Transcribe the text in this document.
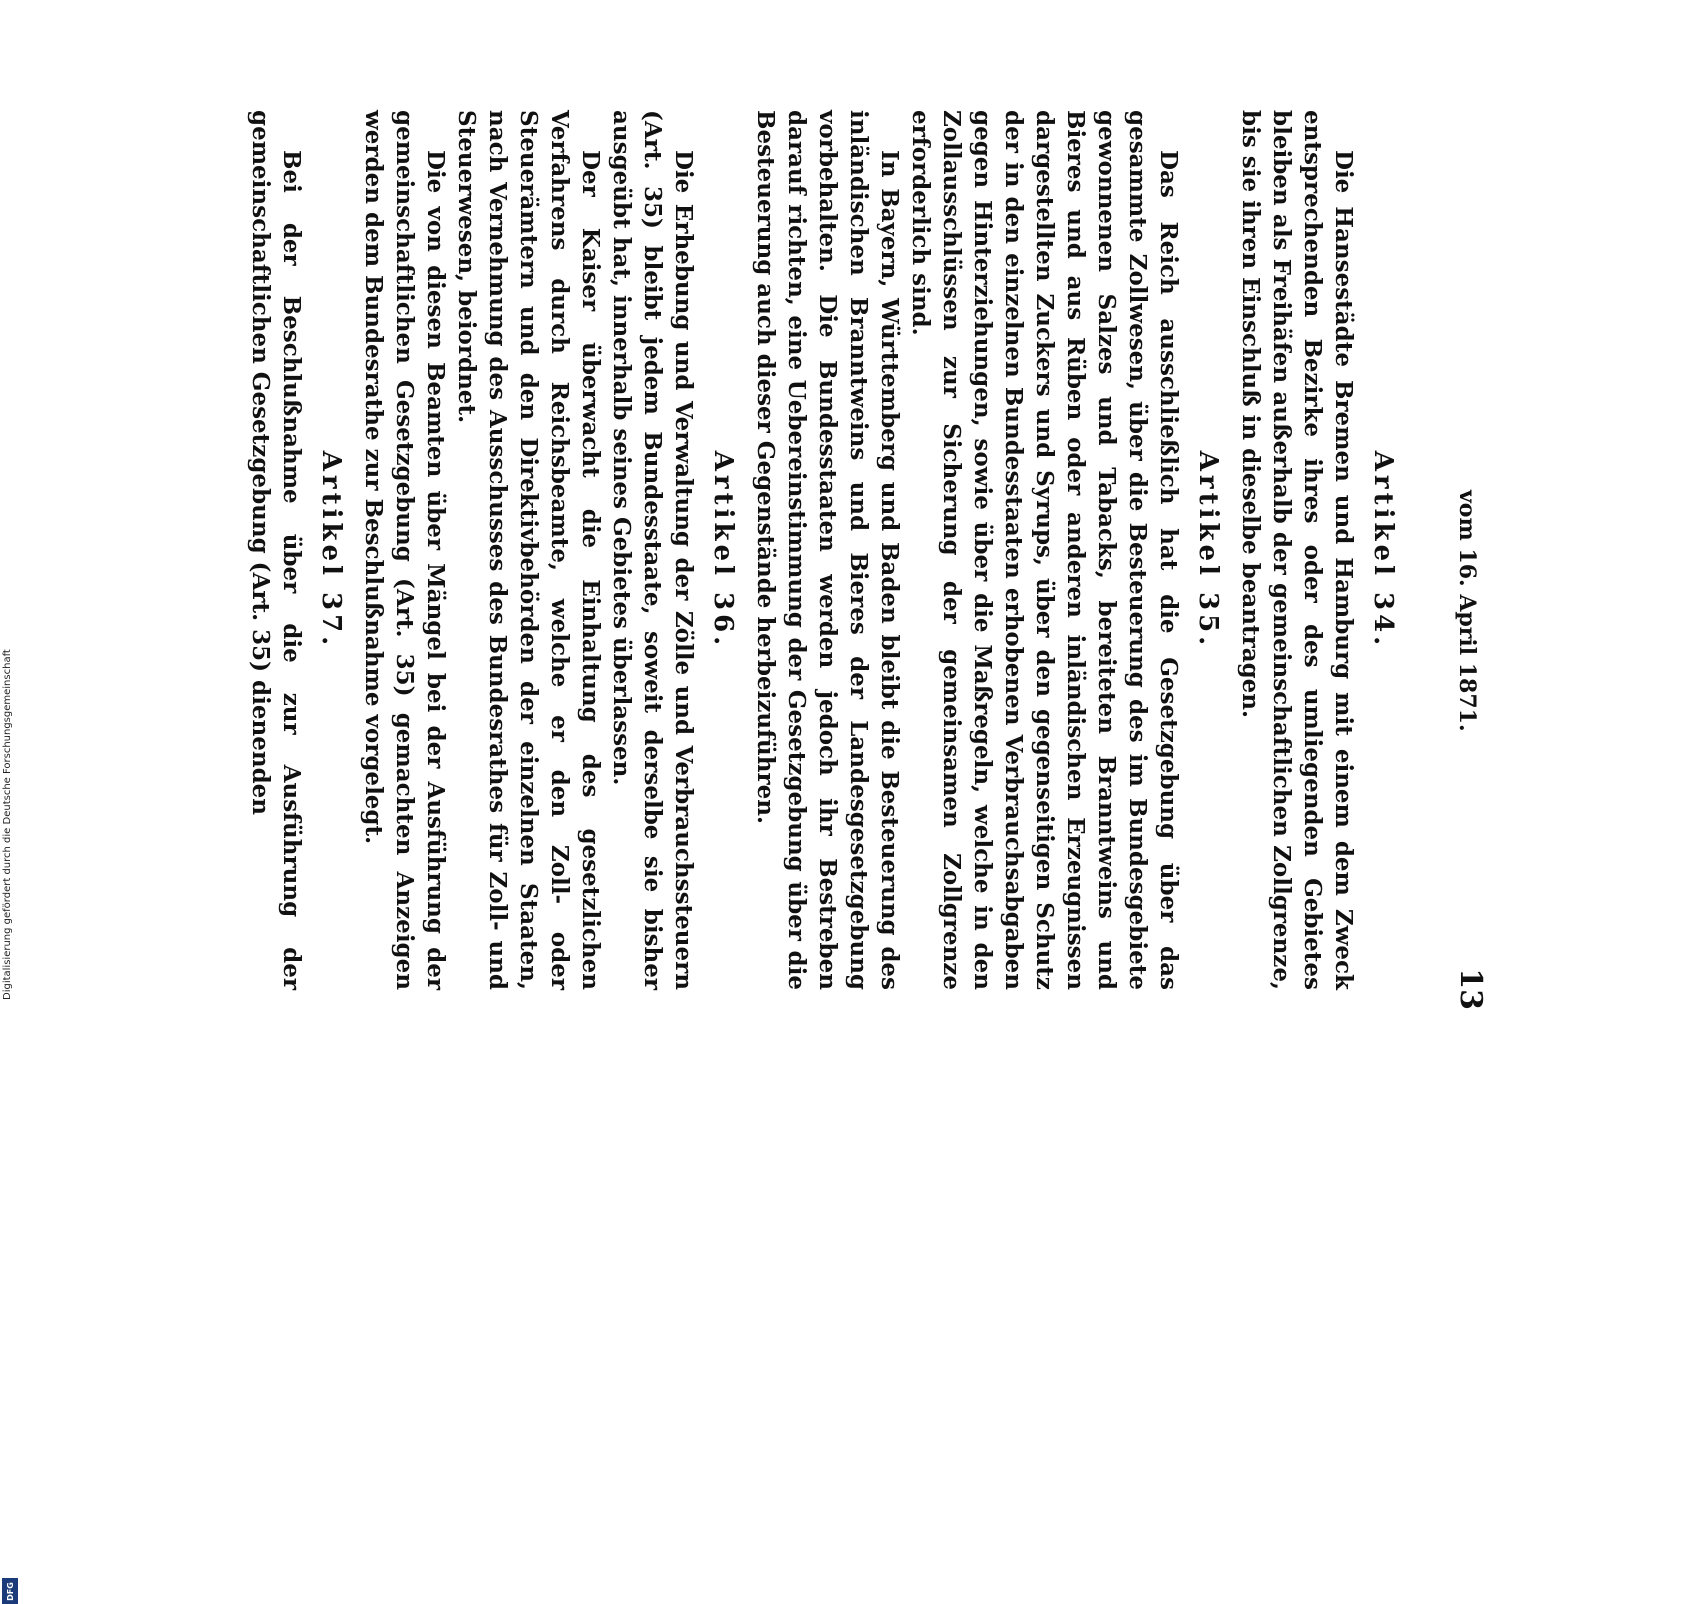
Digitalisierung gefördert durch die Deutsche Forschungsgemeinschaft
DFG
vom 16. April 1871.
13
Artikel 34.

Die Hansestädte Bremen und Hamburg mit einem dem Zweck entsprechenden Bezirke ihres oder des umliegenden Gebietes bleiben als Freihäfen außerhalb der gemeinschaftlichen Zollgrenze, bis sie ihren Einschluß in dieselbe beantragen.

Artikel 35.

Das Reich ausschließlich hat die Gesetzgebung über das gesammte Zollwesen, über die Besteuerung des im Bundesgebiete gewonnenen Salzes und Tabacks, bereiteten Branntweins und Bieres und aus Rüben oder anderen inländischen Erzeugnissen dargestellten Zuckers und Syrups, über den gegenseitigen Schutz der in den einzelnen Bundesstaaten erhobenen Verbrauchsabgaben gegen Hinterziehungen, sowie über die Maßregeln, welche in den Zollausschlüssen zur Sicherung der gemeinsamen Zollgrenze erforderlich sind.

In Bayern, Württemberg und Baden bleibt die Besteuerung des inländischen Branntweins und Bieres der Landesgesetzgebung vorbehalten. Die Bundesstaaten werden jedoch ihr Bestreben darauf richten, eine Uebereinstimmung der Gesetzgebung über die Besteuerung auch dieser Gegenstände herbeizuführen.

Artikel 36.

Die Erhebung und Verwaltung der Zölle und Verbrauchssteuern (Art. 35) bleibt jedem Bundesstaate, soweit derselbe sie bisher ausgeübt hat, innerhalb seines Gebietes überlassen.

Der Kaiser überwacht die Einhaltung des gesetzlichen Verfahrens durch Reichsbeamte, welche er den Zoll- oder Steuerämtern und den Direktivbehörden der einzelnen Staaten, nach Vernehmung des Ausschusses des Bundesrathes für Zoll- und Steuerwesen, beiordnet.

Die von diesen Beamten über Mängel bei der Ausführung der gemeinschaftlichen Gesetzgebung (Art. 35) gemachten Anzeigen werden dem Bundesrathe zur Beschlußnahme vorgelegt.

Artikel 37.

Bei der Beschlußnahme über die zur Ausführung der gemeinschaftlichen Gesetzgebung (Art. 35) dienenden
